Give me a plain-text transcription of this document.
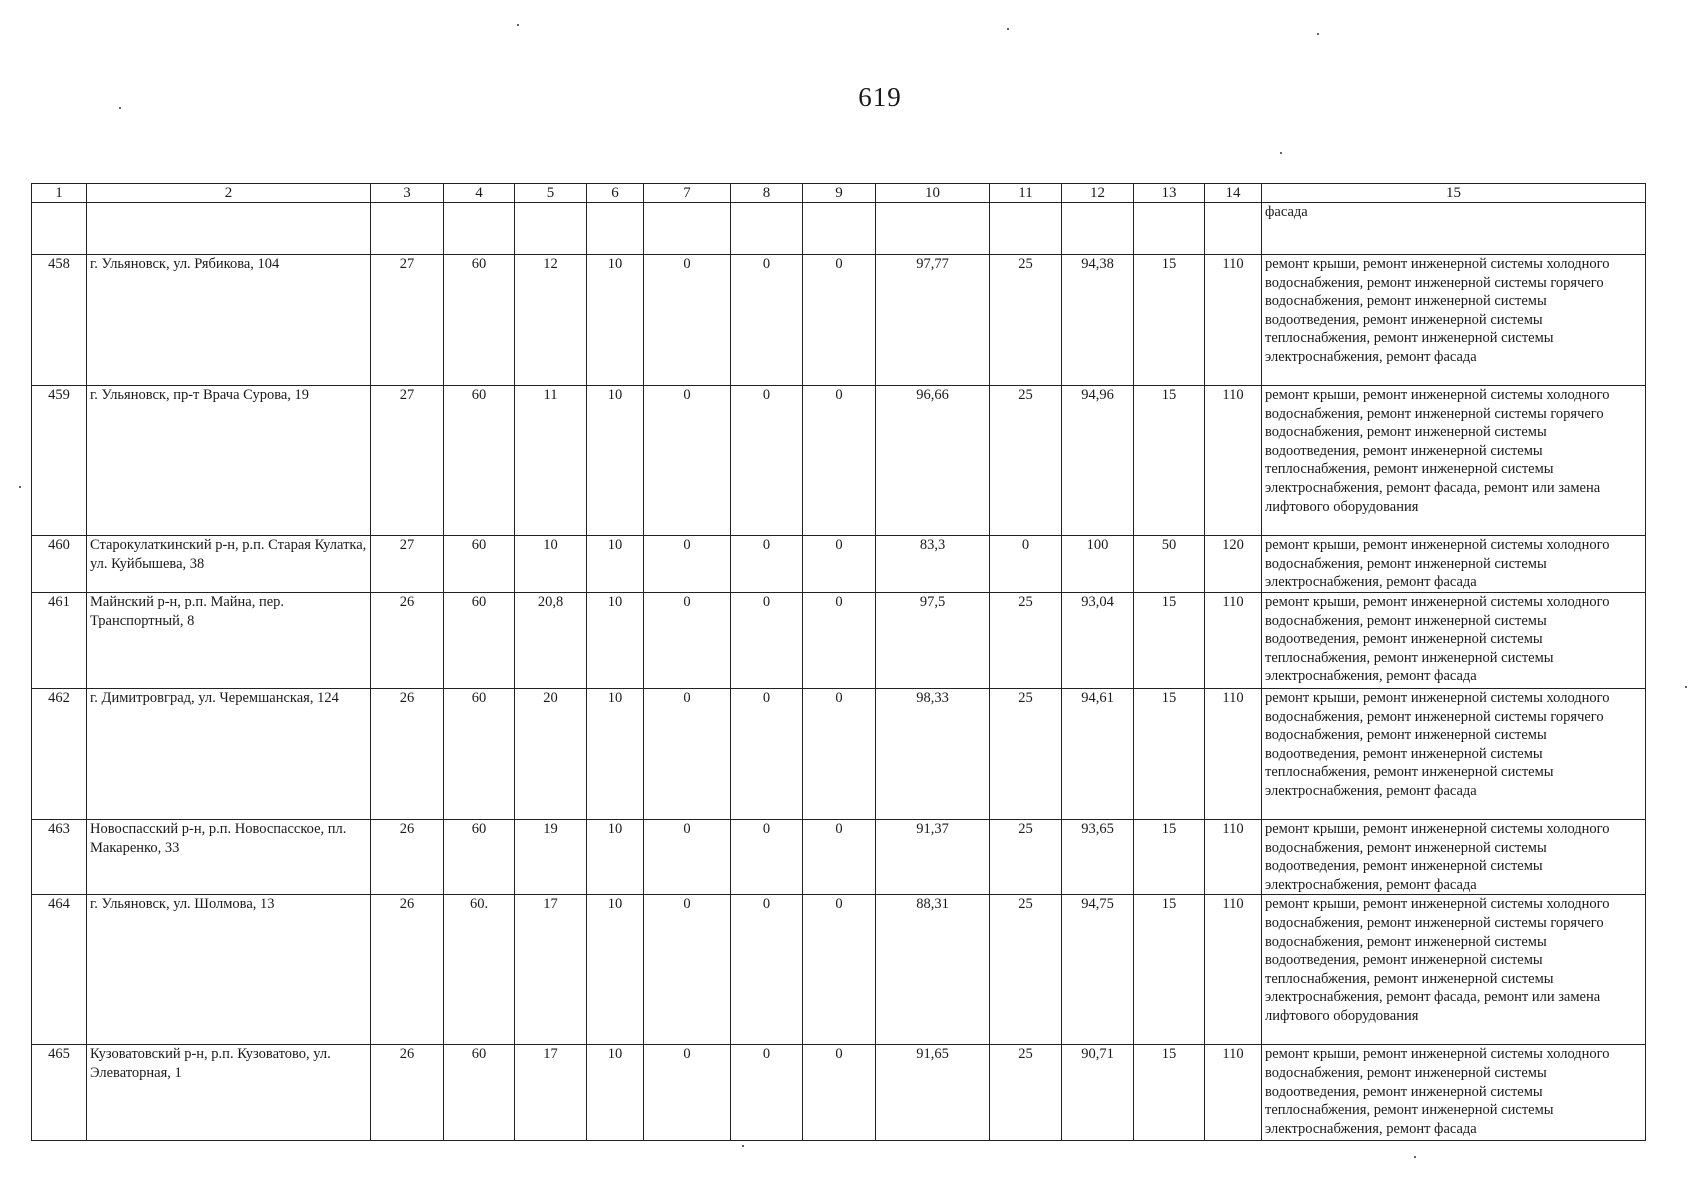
619
1	2	3	4	5	6	7	8	9	10	11	12	13	14	15
														фасада
458	г. Ульяновск, ул. Рябикова, 104	27	60	12	10	0	0	0	97,77	25	94,38	15	110	ремонт крыши, ремонт инженерной системы холодного водоснабжения, ремонт инженерной системы горячего водоснабжения, ремонт инженерной системы водоотведения, ремонт инженерной системы теплоснабжения, ремонт инженерной системы электроснабжения, ремонт фасада
459	г. Ульяновск, пр-т Врача Сурова, 19	27	60	11	10	0	0	0	96,66	25	94,96	15	110	ремонт крыши, ремонт инженерной системы холодного водоснабжения, ремонт инженерной системы горячего водоснабжения, ремонт инженерной системы водоотведения, ремонт инженерной системы теплоснабжения, ремонт инженерной системы электроснабжения, ремонт фасада, ремонт или замена лифтового оборудования
460	Старокулаткинский р-н, р.п. Старая Кулатка, ул. Куйбышева, 38	27	60	10	10	0	0	0	83,3	0	100	50	120	ремонт крыши, ремонт инженерной системы холодного водоснабжения, ремонт инженерной системы электроснабжения, ремонт фасада
461	Майнский р-н, р.п. Майна, пер. Транспортный, 8	26	60	20,8	10	0	0	0	97,5	25	93,04	15	110	ремонт крыши, ремонт инженерной системы холодного водоснабжения, ремонт инженерной системы водоотведения, ремонт инженерной системы теплоснабжения, ремонт инженерной системы электроснабжения, ремонт фасада
462	г. Димитровград, ул. Черемшанская, 124	26	60	20	10	0	0	0	98,33	25	94,61	15	110	ремонт крыши, ремонт инженерной системы холодного водоснабжения, ремонт инженерной системы горячего водоснабжения, ремонт инженерной системы водоотведения, ремонт инженерной системы теплоснабжения, ремонт инженерной системы электроснабжения, ремонт фасада
463	Новоспасский р-н, р.п. Новоспасское, пл. Макаренко, 33	26	60	19	10	0	0	0	91,37	25	93,65	15	110	ремонт крыши, ремонт инженерной системы холодного водоснабжения, ремонт инженерной системы водоотведения, ремонт инженерной системы электроснабжения, ремонт фасада
464	г. Ульяновск, ул. Шолмова, 13	26	60.	17	10	0	0	0	88,31	25	94,75	15	110	ремонт крыши, ремонт инженерной системы холодного водоснабжения, ремонт инженерной системы горячего водоснабжения, ремонт инженерной системы водоотведения, ремонт инженерной системы теплоснабжения, ремонт инженерной системы электроснабжения, ремонт фасада, ремонт или замена лифтового оборудования
465	Кузоватовский р-н, р.п. Кузоватово, ул. Элеваторная, 1	26	60	17	10	0	0	0	91,65	25	90,71	15	110	ремонт крыши, ремонт инженерной системы холодного водоснабжения, ремонт инженерной системы водоотведения, ремонт инженерной системы теплоснабжения, ремонт инженерной системы электроснабжения, ремонт фасада
